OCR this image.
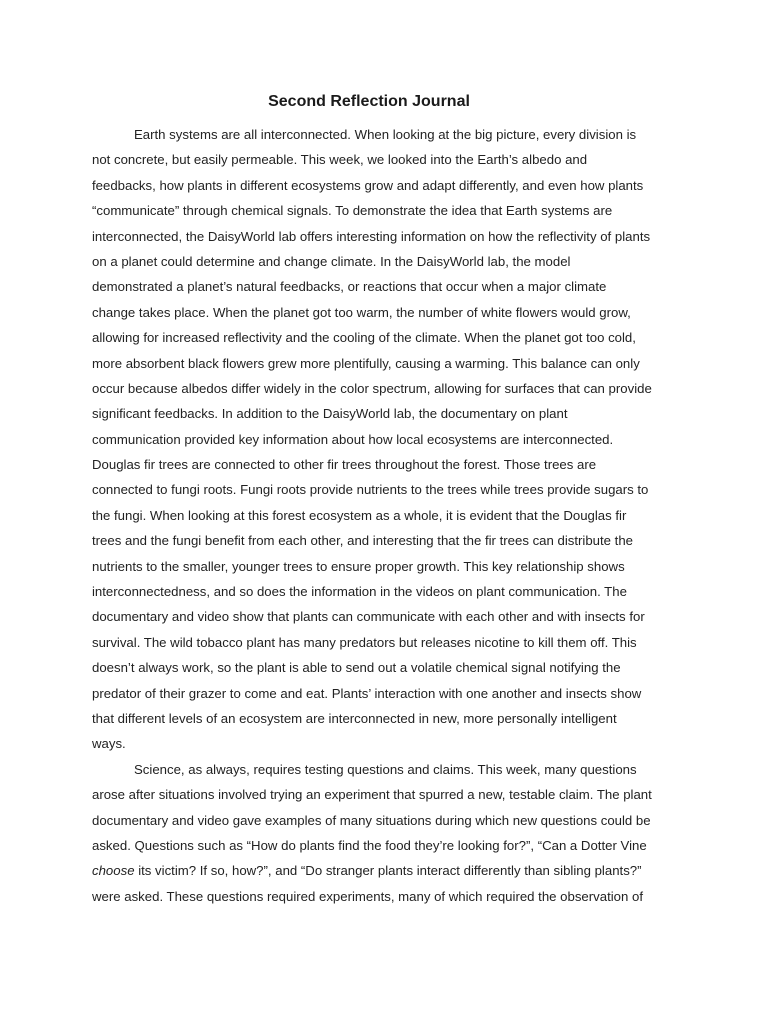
Second Reflection Journal
Earth systems are all interconnected. When looking at the big picture, every division is
not concrete, but easily permeable. This week, we looked into the Earth’s albedo and
feedbacks, how plants in different ecosystems grow and adapt differently, and even how plants
“communicate” through chemical signals. To demonstrate the idea that Earth systems are
interconnected, the DaisyWorld lab offers interesting information on how the reflectivity of plants
on a planet could determine and change climate. In the DaisyWorld lab, the model
demonstrated a planet’s natural feedbacks, or reactions that occur when a major climate
change takes place. When the planet got too warm, the number of white flowers would grow,
allowing for increased reflectivity and the cooling of the climate. When the planet got too cold,
more absorbent black flowers grew more plentifully, causing a warming. This balance can only
occur because albedos differ widely in the color spectrum, allowing for surfaces that can provide
significant feedbacks. In addition to the DaisyWorld lab, the documentary on plant
communication provided key information about how local ecosystems are interconnected.
Douglas fir trees are connected to other fir trees throughout the forest. Those trees are
connected to fungi roots. Fungi roots provide nutrients to the trees while trees provide sugars to
the fungi. When looking at this forest ecosystem as a whole, it is evident that the Douglas fir
trees and the fungi benefit from each other, and interesting that the fir trees can distribute the
nutrients to the smaller, younger trees to ensure proper growth. This key relationship shows
interconnectedness, and so does the information in the videos on plant communication. The
documentary and video show that plants can communicate with each other and with insects for
survival. The wild tobacco plant has many predators but releases nicotine to kill them off. This
doesn’t always work, so the plant is able to send out a volatile chemical signal notifying the
predator of their grazer to come and eat. Plants’ interaction with one another and insects show
that different levels of an ecosystem are interconnected in new, more personally intelligent
ways.
Science, as always, requires testing questions and claims. This week, many questions
arose after situations involved trying an experiment that spurred a new, testable claim. The plant
documentary and video gave examples of many situations during which new questions could be
asked. Questions such as “How do plants find the food they’re looking for?”, “Can a Dotter Vine
choose its victim? If so, how?”, and “Do stranger plants interact differently than sibling plants?”
were asked. These questions required experiments, many of which required the observation of
